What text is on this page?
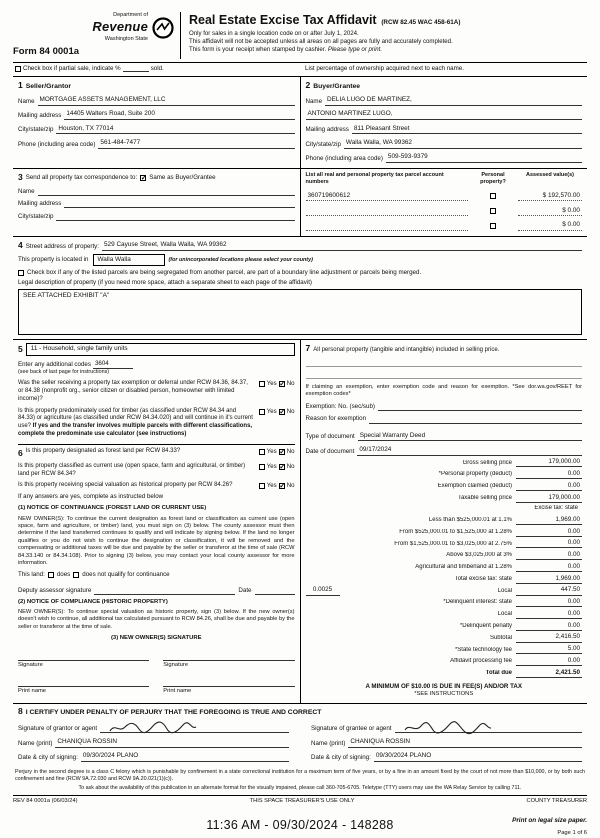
Department of
Revenue
Washington State
Form 84 0001a
Real Estate Excise Tax Affidavit (RCW 82.45 WAC 458-61A)
Only for sales in a single location code on or after July 1, 2024.
This affidavit will not be accepted unless all areas on all pages are fully and accurately completed.
This form is your receipt when stamped by cashier. Please type or print.
Check box if partial sale, indicate %	sold.	List percentage of ownership acquired next to each name.
1 Seller/Grantor
Name MORTGAGE ASSETS MANAGEMENT, LLC
Mailing address 14405 Walters Road, Suite 200
City/state/zip Houston, TX 77014
Phone (including area code) 561-484-7477
2 Buyer/Grantee
Name DELIA LUGO DE MARTINEZ,
ANTONIO MARTINEZ LUGO,
Mailing address 811 Pleasant Street
City/state/zip Walla Walla, WA 99362
Phone (including area code) 509-593-9379
3 Send all property tax correspondence to: ✓ Same as Buyer/Grantee
Name
Mailing address
City/state/zip
List all real and personal property tax parcel account numbers
Personal property?
Assessed value(s)
360719600612	$ 192,570.00
$ 0.00
$ 0.00
4 Street address of property: 529 Cayuse Street, Walla Walla, WA 99362
This property is located in	Walla Walla	(for unincorporated locations please select your county)
Check box if any of the listed parcels are being segregated from another parcel, are part of a boundary line adjustment or parcels being merged.
Legal description of property (if you need more space, attach a separate sheet to each page of the affidavit)
SEE ATTACHED EXHIBIT "A"
5	11 - Household, single family units
Enter any additional codes 3604
(see back of last page for instructions)
Was the seller receiving a property tax exemption or deferral under RCW 84.36, 84.37, or 84.38 (nonprofit org., senior citizen or disabled person, homeowner with limited income)?
Yes ✓ No
Is this property predominately used for timber (as classified under RCW 84.34 and 84.33) or agriculture (as classified under RCW 84.34.020) and will continue in it's current use? If yes and the transfer involves multiple parcels with different classifications, complete the predominate use calculator (see instructions)
Yes ✓ No
6 Is this property designated as forest land per RCW 84.33?	Yes ✓ No
Is this property classified as current use (open space, farm and agricultural, or timber) land per RCW 84.34?
Yes ✓ No
Is this property receiving special valuation as historical property per RCW 84.26?	Yes ✓ No
If any answers are yes, complete as instructed below
(1) NOTICE OF CONTINUANCE (FOREST LAND OR CURRENT USE)
NEW OWNER(S): To continue the current designation as forest land or classification as current use (open space, farm and agriculture, or timber) land, you must sign on (3) below. The county assessor must then determine if the land transferred continues to qualify and will indicate by signing below. If the land no longer qualifies or you do not wish to continue the designation or classification, it will be removed and the compensating or additional taxes will be due and payable by the seller or transferor at the time of sale (RCW 84.33.140 or 84.34.108). Prior to signing (3) below, you may contact your local county assessor for more information.
This land: does does not qualify for continuance
Deputy assessor signature	Date
(2) NOTICE OF COMPLIANCE (HISTORIC PROPERTY)
NEW OWNER(S): To continue special valuation as historic property, sign (3) below. If the new owner(s) doesn't wish to continue, all additional tax calculated pursuant to RCW 84.26, shall be due and payable by the seller or transferor at the time of sale.
(3) NEW OWNER(S) SIGNATURE
Signature	Signature
Print name	Print name
7 All personal property (tangible and intangible) included in selling price.
If claiming an exemption, enter exemption code and reason for exemption. *See dor.wa.gov/REET for exemption codes*
Exemption: No. (sec/sub)
Reason for exemption
Type of document Special Warranty Deed
Date of document 09/17/2024
Gross selling price	179,000.00
*Personal property (deduct)	0.00
Exemption claimed (deduct)	0.00
Taxable selling price	179,000.00
Excise tax: state
Less than $525,000.01 at 1.1%	1,969.00
From $525,000.01 to $1,525,000 at 1.28%	0.00
From $1,525,000.01 to $3,025,000 at 2.75%	0.00
Above $3,025,000 at 3%	0.00
Agricultural and timberland at 1.28%	0.00
Total excise tax: state	1,969.00
0.0025	Local	447.50
*Delinquent interest: state	0.00
Local	0.00
*Delinquent penalty	0.00
Subtotal	2,416.50
*State technology fee	5.00
Affidavit processing fee	0.00
Total due	2,421.50
A MINIMUM OF $10.00 IS DUE IN FEE(S) AND/OR TAX
*SEE INSTRUCTIONS
8 I CERTIFY UNDER PENALTY OF PERJURY THAT THE FOREGOING IS TRUE AND CORRECT
Signature of grantor or agent
Name (print) CHANIQUA ROSSIN
Date & city of signing: 09/30/2024 PLANO
Signature of grantee or agent
Name (print) CHANIQUA ROSSIN
Date & city of signing: 09/30/2024 PLANO
Perjury in the second degree is a class C felony which is punishable by confinement in a state correctional institution for a maximum term of five years, or by a fine in an amount fixed by the court of not more than $10,000, or by both such confinement and fine (RCW 9A.72.030 and RCW 9A.20.021(1)(c)).
To ask about the availability of this publication in an alternate format for the visually impaired, please call 360-705-6705. Teletype (TTY) users may use the WA Relay Service by calling 711.
REV 84 0001a (06/03/24)	THIS SPACE TREASURER'S USE ONLY	COUNTY TREASURER
11:36 AM - 09/30/2024 - 148288	Print on legal size paper.
Page 1 of 6
